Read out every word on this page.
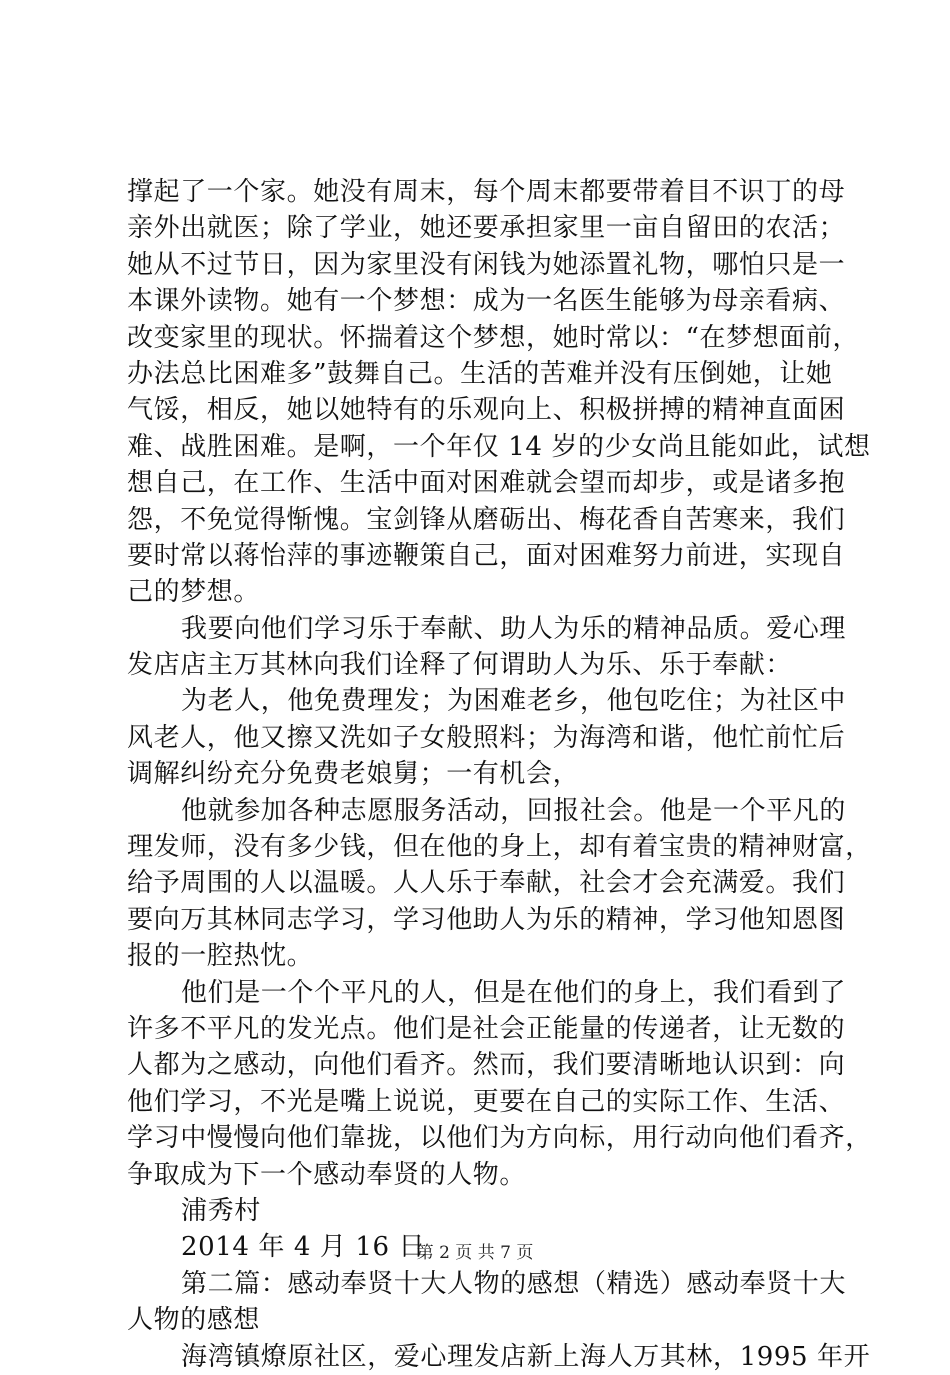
撑起了一个家。她没有周末，每个周末都要带着目不识丁的母
亲外出就医；除了学业，她还要承担家里一亩自留田的农活；
她从不过节日，因为家里没有闲钱为她添置礼物，哪怕只是一
本课外读物。她有一个梦想：成为一名医生能够为母亲看病、
改变家里的现状。怀揣着这个梦想，她时常以：“在梦想面前，
办法总比困难多”鼓舞自己。生活的苦难并没有压倒她，让她
气馁，相反，她以她特有的乐观向上、积极拼搏的精神直面困
难、战胜困难。是啊，一个年仅 14 岁的少女尚且能如此，试想
想自己，在工作、生活中面对困难就会望而却步，或是诸多抱
怨，不免觉得惭愧。宝剑锋从磨砺出、梅花香自苦寒来，我们
要时常以蒋怡萍的事迹鞭策自己，面对困难努力前进，实现自
己的梦想。
我要向他们学习乐于奉献、助人为乐的精神品质。爱心理
发店店主万其林向我们诠释了何谓助人为乐、乐于奉献：
为老人，他免费理发；为困难老乡，他包吃住；为社区中
风老人，他又擦又洗如子女般照料；为海湾和谐，他忙前忙后
调解纠纷充分免费老娘舅；一有机会，
他就参加各种志愿服务活动，回报社会。他是一个平凡的
理发师，没有多少钱，但在他的身上，却有着宝贵的精神财富，
给予周围的人以温暖。人人乐于奉献，社会才会充满爱。我们
要向万其林同志学习，学习他助人为乐的精神，学习他知恩图
报的一腔热忱。
他们是一个个平凡的人，但是在他们的身上，我们看到了
许多不平凡的发光点。他们是社会正能量的传递者，让无数的
人都为之感动，向他们看齐。然而，我们要清晰地认识到：向
他们学习，不光是嘴上说说，更要在自己的实际工作、生活、
学习中慢慢向他们靠拢，以他们为方向标，用行动向他们看齐，
争取成为下一个感动奉贤的人物。
浦秀村
2014 年 4 月 16 日
第二篇：感动奉贤十大人物的感想（精选）感动奉贤十大
人物的感想
海湾镇燎原社区，爱心理发店新上海人万其林，1995 年开
第 2 页 共 7 页
